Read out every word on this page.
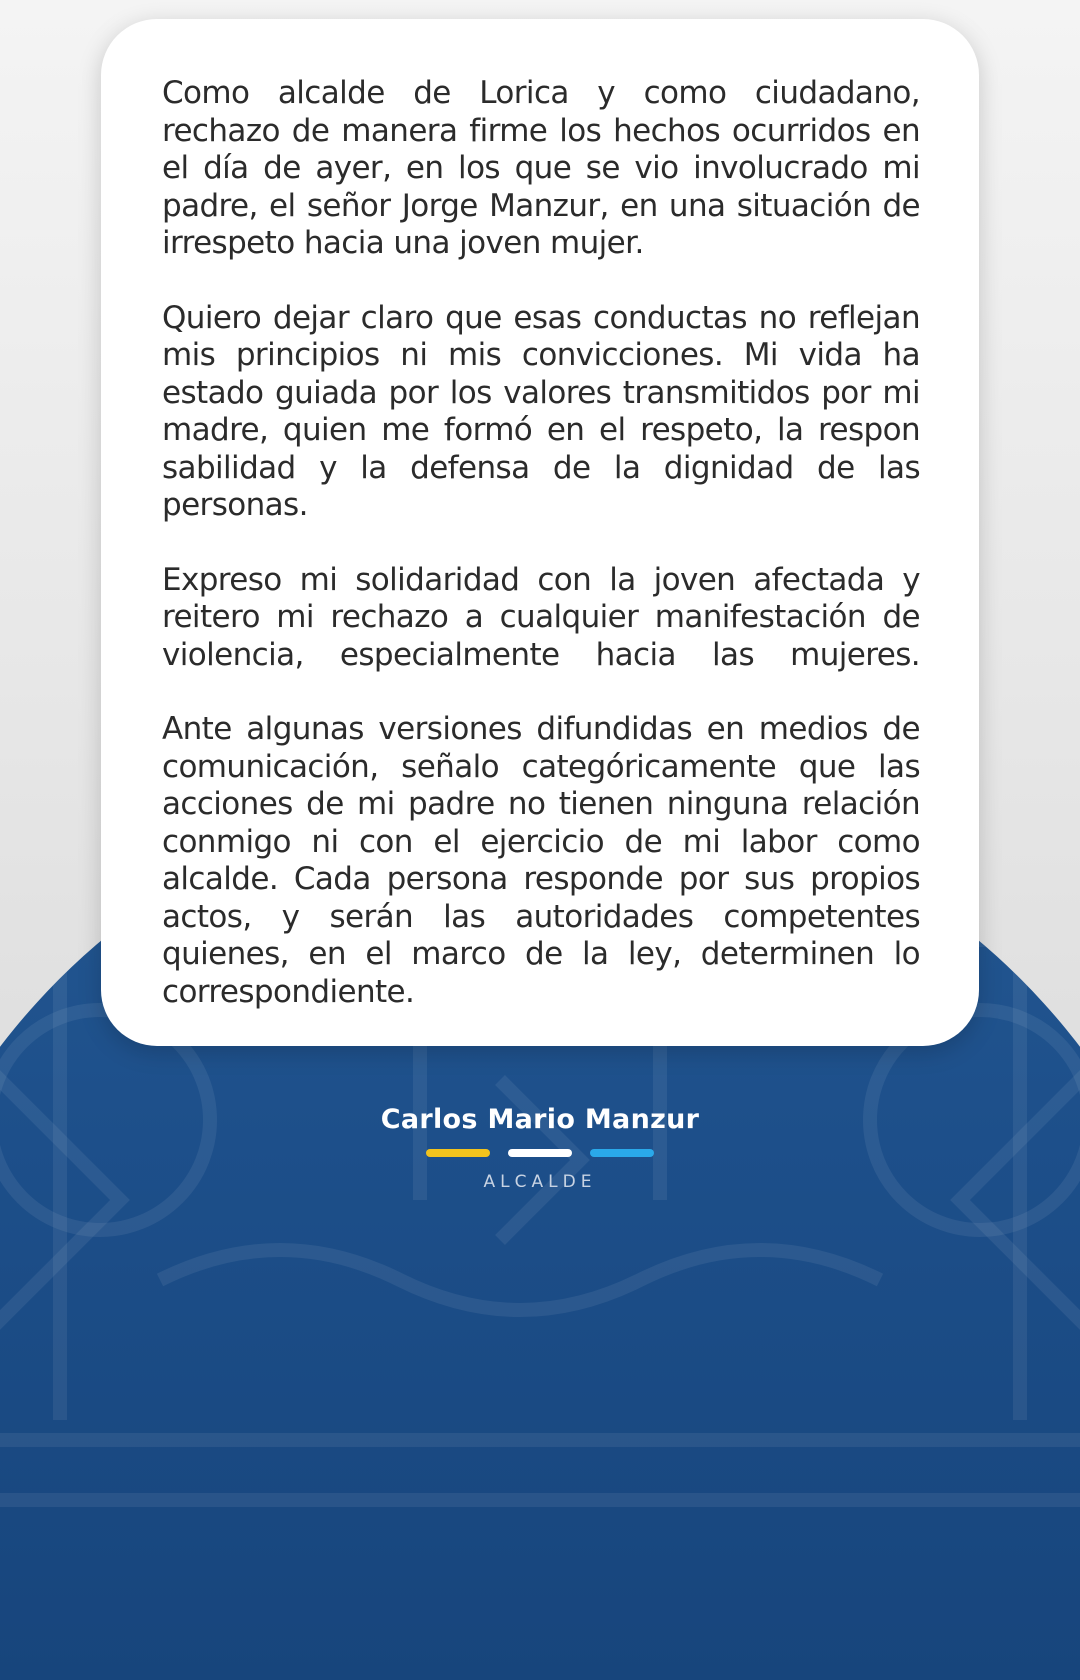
Como alcalde de Lorica y como ciudadano, rechazo de manera firme los hechos ocurridos en el día de ayer, en los que se vio involucrado mi padre, el señor Jorge Manzur, en una situación de irrespeto hacia una joven mujer.

Quiero dejar claro que esas conductas no reflejan mis principios ni mis convicciones. Mi vida ha estado guiada por los valores transmitidos por mi madre, quien me formó en el respeto, la respon sabilidad y la defensa de la dignidad de las personas.

Expreso mi solidaridad con la joven afectada y reitero mi rechazo a cualquier manifestación de violencia, especialmente hacia las mujeres.

Ante algunas versiones difundidas en medios de comunicación, señalo categóricamente que las acciones de mi padre no tienen ninguna relación conmigo ni con el ejercicio de mi labor como alcalde. Cada persona responde por sus propios actos, y serán las autoridades competentes quienes, en el marco de la ley, determinen lo correspondiente.

Carlos Mario Manzur
ALCALDE
